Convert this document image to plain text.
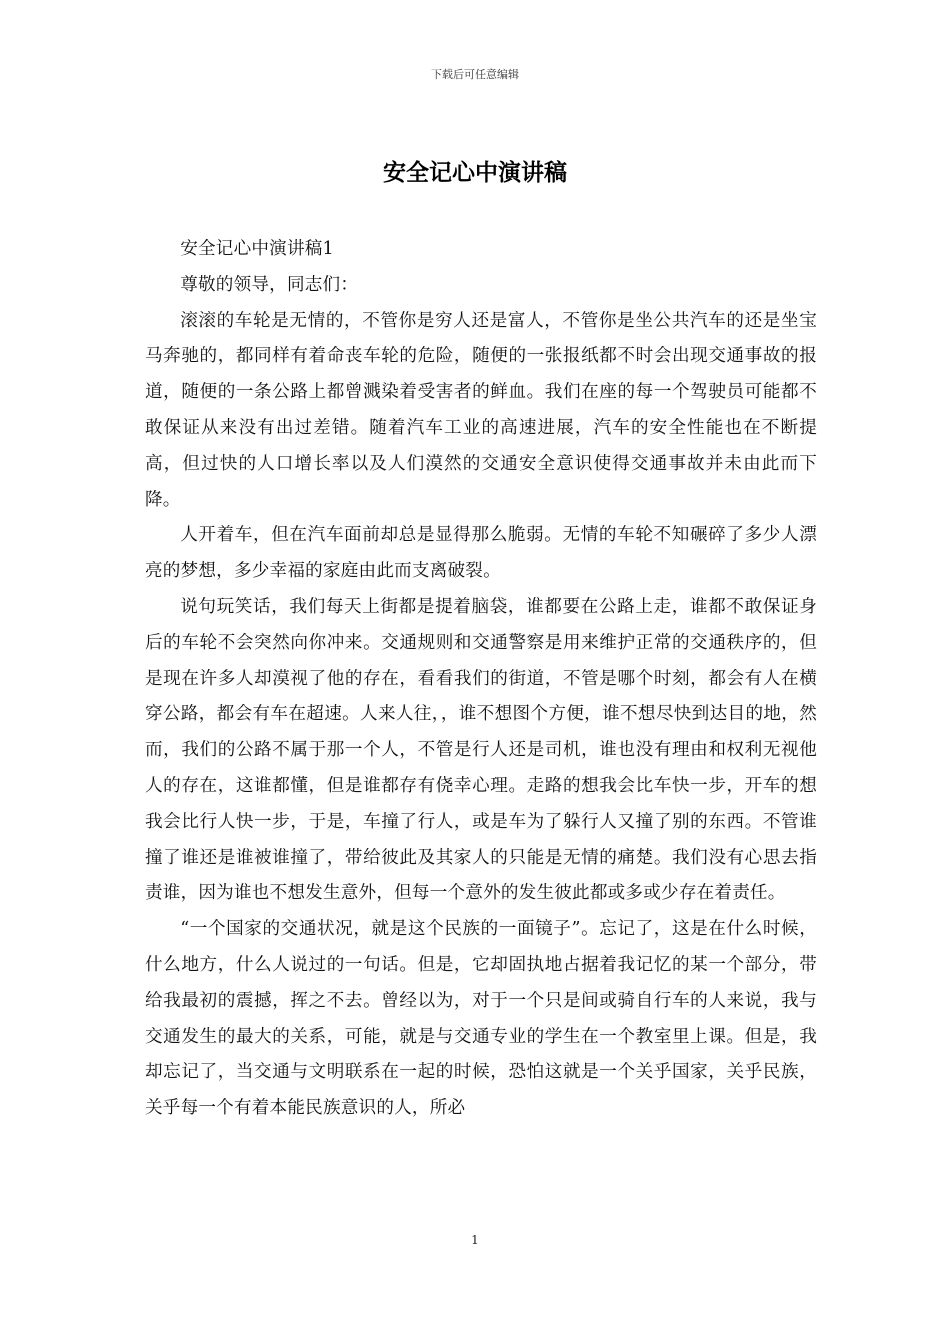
下载后可任意编辑
安全记心中演讲稿

安全记心中演讲稿1

尊敬的领导，同志们：

滚滚的车轮是无情的，不管你是穷人还是富人，不管你是坐公共汽车的还是坐宝马奔驰的，都同样有着命丧车轮的危险，随便的一张报纸都不时会出现交通事故的报道，随便的一条公路上都曾溅染着受害者的鲜血。我们在座的每一个驾驶员可能都不敢保证从来没有出过差错。随着汽车工业的高速进展，汽车的安全性能也在不断提高，但过快的人口增长率以及人们漠然的交通安全意识使得交通事故并未由此而下降。

人开着车，但在汽车面前却总是显得那么脆弱。无情的车轮不知碾碎了多少人漂亮的梦想，多少幸福的家庭由此而支离破裂。

说句玩笑话，我们每天上街都是提着脑袋，谁都要在公路上走，谁都不敢保证身后的车轮不会突然向你冲来。交通规则和交通警察是用来维护正常的交通秩序的，但是现在许多人却漠视了他的存在，看看我们的街道，不管是哪个时刻，都会有人在横穿公路，都会有车在超速。人来人往，，谁不想图个方便，谁不想尽快到达目的地，然而，我们的公路不属于那一个人，不管是行人还是司机，谁也没有理由和权利无视他人的存在，这谁都懂，但是谁都存有侥幸心理。走路的想我会比车快一步，开车的想我会比行人快一步，于是，车撞了行人，或是车为了躲行人又撞了别的东西。不管谁撞了谁还是谁被谁撞了，带给彼此及其家人的只能是无情的痛楚。我们没有心思去指责谁，因为谁也不想发生意外，但每一个意外的发生彼此都或多或少存在着责任。

“一个国家的交通状况，就是这个民族的一面镜子”。忘记了，这是在什么时候，什么地方，什么人说过的一句话。但是，它却固执地占据着我记忆的某一个部分，带给我最初的震撼，挥之不去。曾经以为，对于一个只是间或骑自行车的人来说，我与交通发生的最大的关系，可能，就是与交通专业的学生在一个教室里上课。但是，我却忘记了，当交通与文明联系在一起的时候，恐怕这就是一个关乎国家，关乎民族，关乎每一个有着本能民族意识的人，所必

1
